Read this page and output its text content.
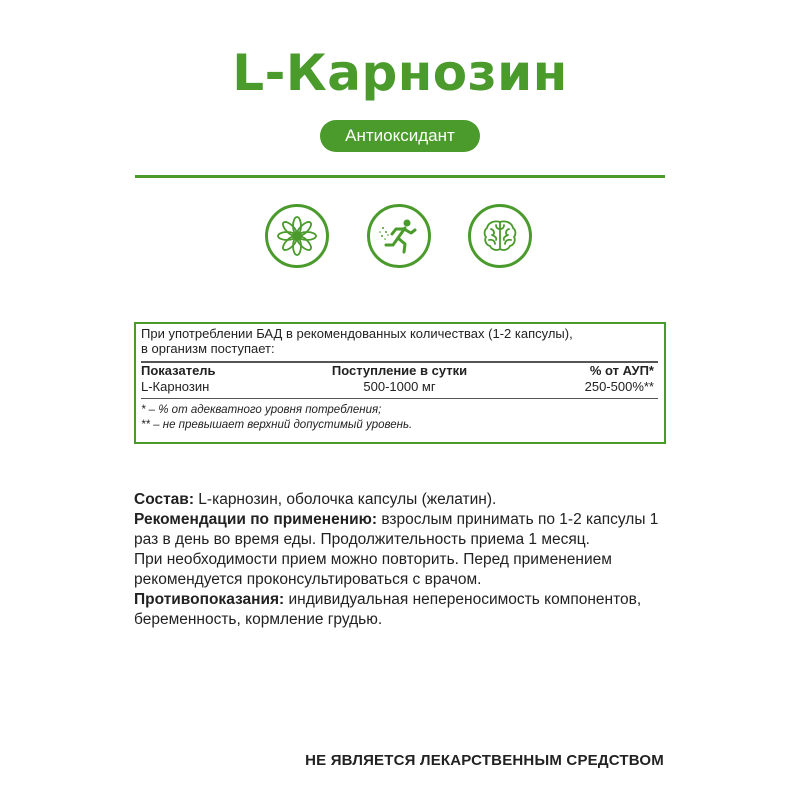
L-Карнозин
Антиоксидант

При употреблении БАД в рекомендованных количествах (1-2 капсулы),

в организм поступает:

Показатель	Поступление в сутки	% от АУП*
L-Карнозин	500-1000 мг	250-500%**
* – % от адекватного уровня потребления;
** – не превышает верхний допустимый уровень.

Состав: L-карнозин, оболочка капсулы (желатин).

Рекомендации по применению: взрослым принимать по 1-2 капсулы 1 раз в день во время еды. Продолжительность приема 1 месяц.

При необходимости прием можно повторить. Перед применением рекомендуется проконсультироваться с врачом.

Противопоказания: индивидуальная непереносимость компонентов, беременность, кормление грудью.

НЕ ЯВЛЯЕТСЯ ЛЕКАРСТВЕННЫМ СРЕДСТВОМ
